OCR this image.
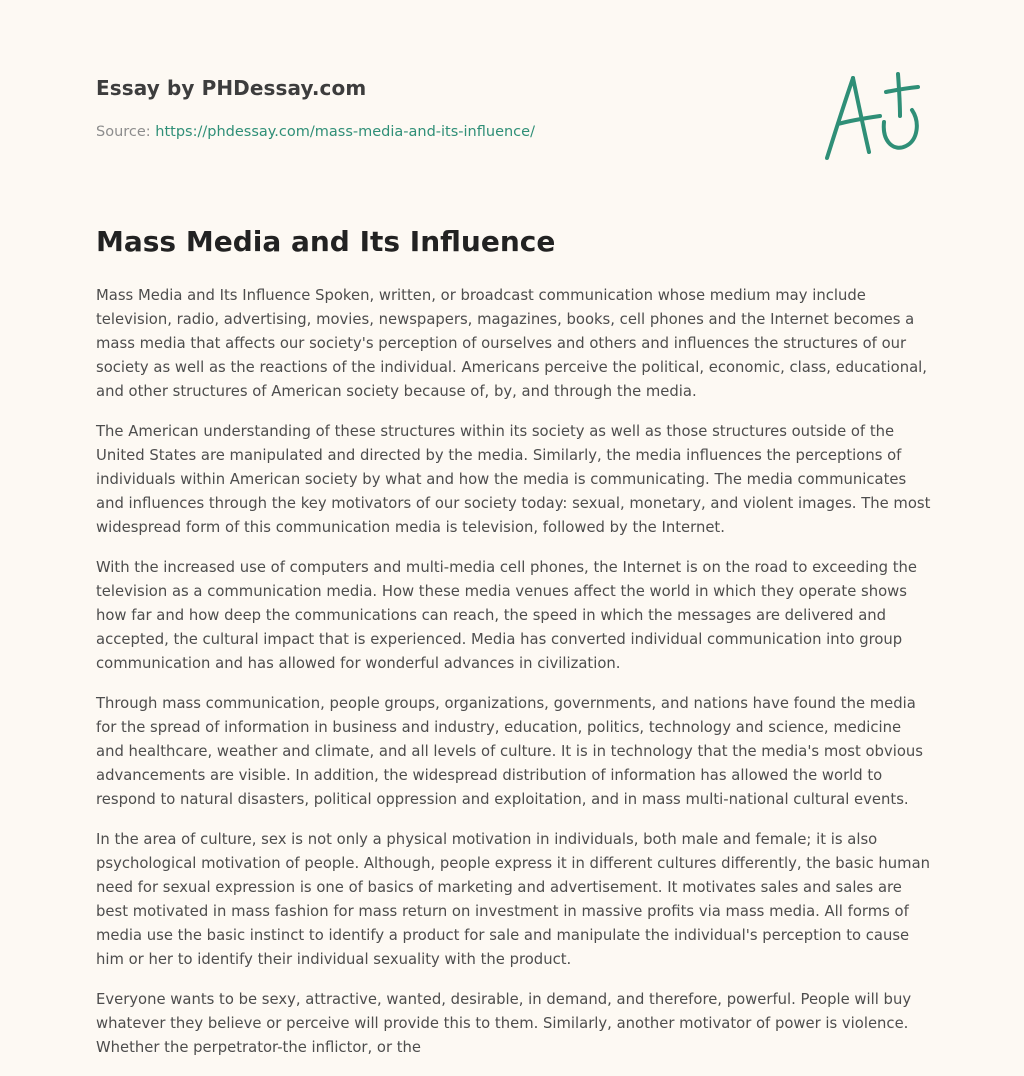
Essay by PHDessay.com
Source: https://phdessay.com/mass-media-and-its-influence/
Mass Media and Its Influence

Mass Media and Its Influence Spoken, written, or broadcast communication whose medium may include television, radio, advertising, movies, newspapers, magazines, books, cell phones and the Internet becomes a mass media that affects our society's perception of ourselves and others and influences the structures of our society as well as the reactions of the individual. Americans perceive the political, economic, class, educational, and other structures of American society because of, by, and through the media.

The American understanding of these structures within its society as well as those structures outside of the United States are manipulated and directed by the media. Similarly, the media influences the perceptions of individuals within American society by what and how the media is communicating. The media communicates and influences through the key motivators of our society today: sexual, monetary, and violent images. The most widespread form of this communication media is television, followed by the Internet.

With the increased use of computers and multi-media cell phones, the Internet is on the road to exceeding the television as a communication media. How these media venues affect the world in which they operate shows how far and how deep the communications can reach, the speed in which the messages are delivered and accepted, the cultural impact that is experienced. Media has converted individual communication into group communication and has allowed for wonderful advances in civilization.

Through mass communication, people groups, organizations, governments, and nations have found the media for the spread of information in business and industry, education, politics, technology and science, medicine and healthcare, weather and climate, and all levels of culture. It is in technology that the media's most obvious advancements are visible. In addition, the widespread distribution of information has allowed the world to respond to natural disasters, political oppression and exploitation, and in mass multi-national cultural events.

In the area of culture, sex is not only a physical motivation in individuals, both male and female; it is also psychological motivation of people. Although, people express it in different cultures differently, the basic human need for sexual expression is one of basics of marketing and advertisement. It motivates sales and sales are best motivated in mass fashion for mass return on investment in massive profits via mass media. All forms of media use the basic instinct to identify a product for sale and manipulate the individual's perception to cause him or her to identify their individual sexuality with the product.

Everyone wants to be sexy, attractive, wanted, desirable, in demand, and therefore, powerful. People will buy whatever they believe or perceive will provide this to them. Similarly, another motivator of power is violence. Whether the perpetrator-the inflictor, or the
